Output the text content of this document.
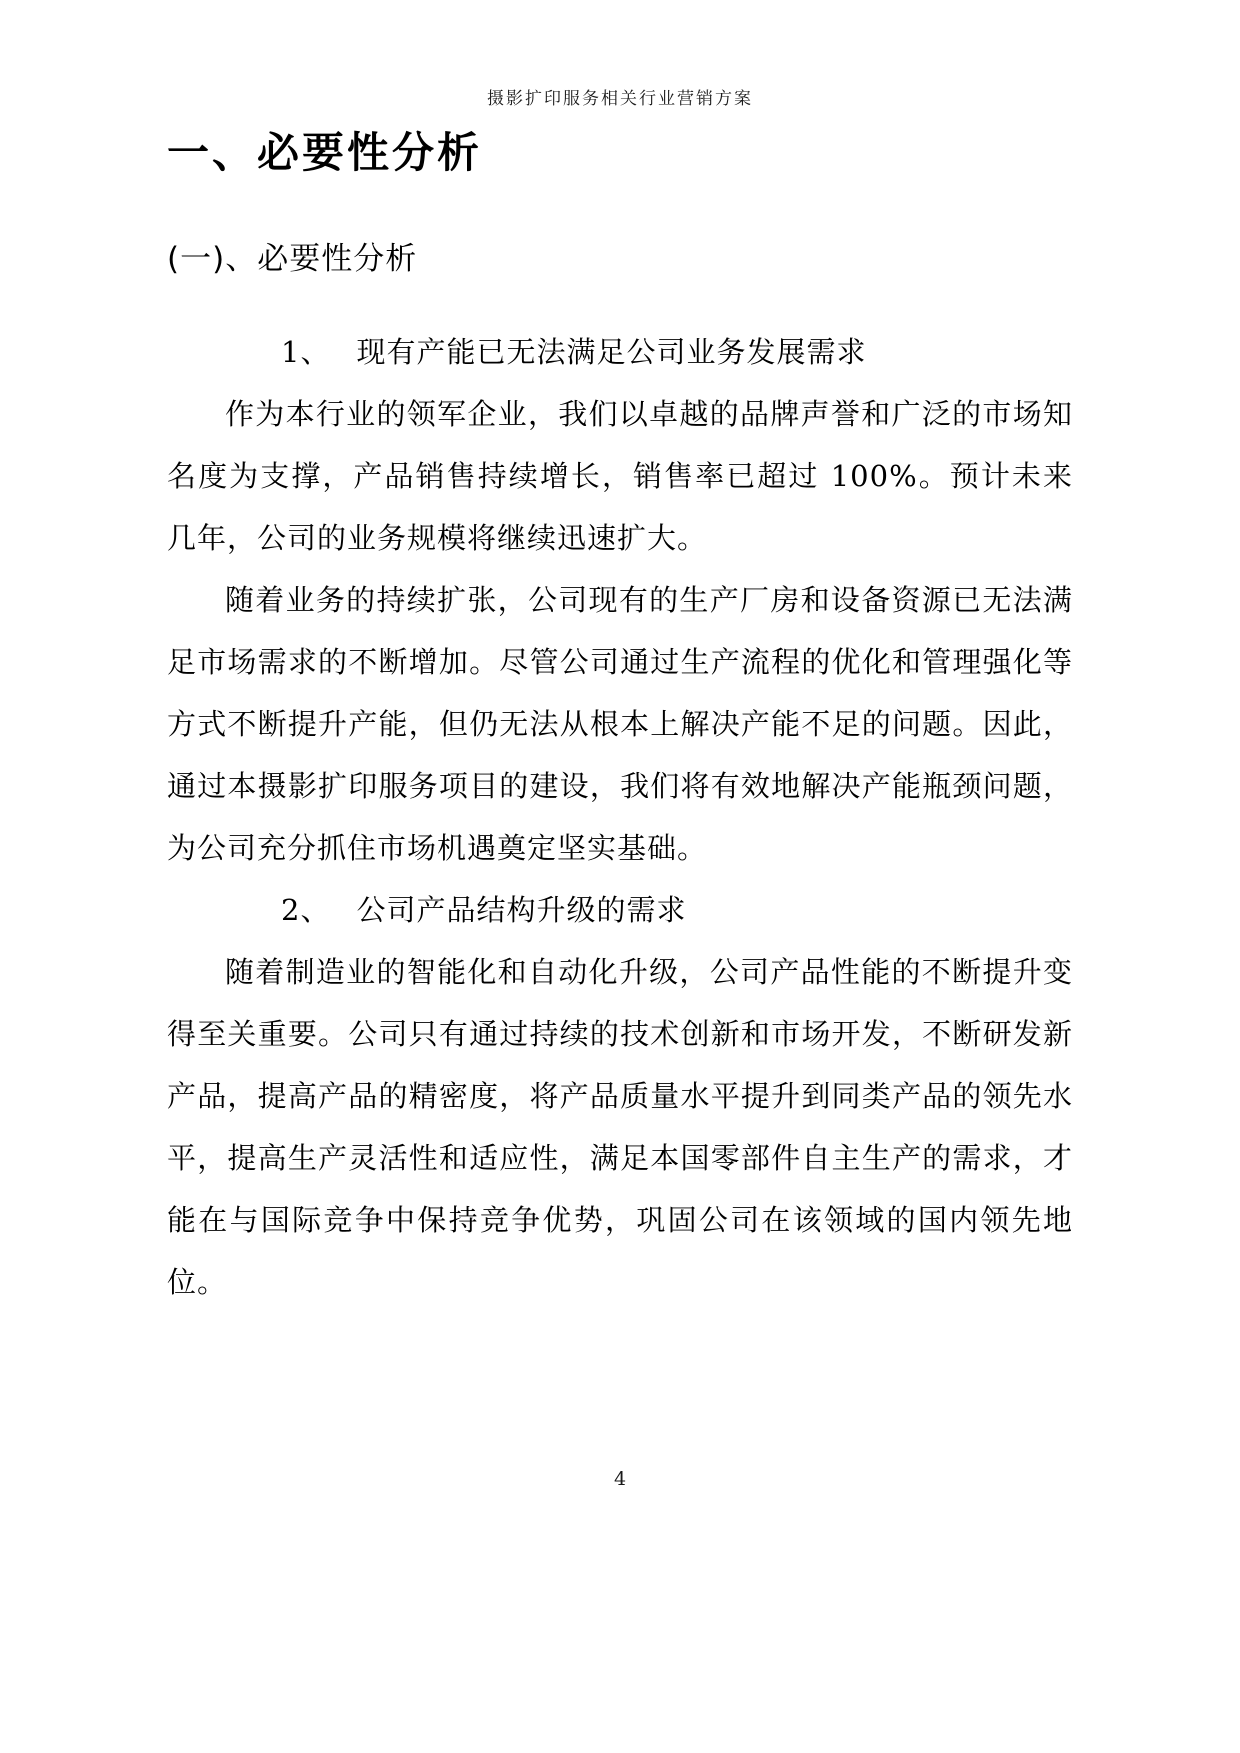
摄影扩印服务相关行业营销方案
一、必要性分析
(一)、必要性分析

1、 现有产能已无法满足公司业务发展需求

作为本行业的领军企业，我们以卓越的品牌声誉和广泛的市场知名度为支撑，产品销售持续增长，销售率已超过 100%。预计未来几年，公司的业务规模将继续迅速扩大。

随着业务的持续扩张，公司现有的生产厂房和设备资源已无法满足市场需求的不断增加。尽管公司通过生产流程的优化和管理强化等方式不断提升产能，但仍无法从根本上解决产能不足的问题。因此，通过本摄影扩印服务项目的建设，我们将有效地解决产能瓶颈问题，为公司充分抓住市场机遇奠定坚实基础。

2、 公司产品结构升级的需求

随着制造业的智能化和自动化升级，公司产品性能的不断提升变得至关重要。公司只有通过持续的技术创新和市场开发，不断研发新产品，提高产品的精密度，将产品质量水平提升到同类产品的领先水平，提高生产灵活性和适应性，满足本国零部件自主生产的需求，才能在与国际竞争中保持竞争优势，巩固公司在该领域的国内领先地位。

4
